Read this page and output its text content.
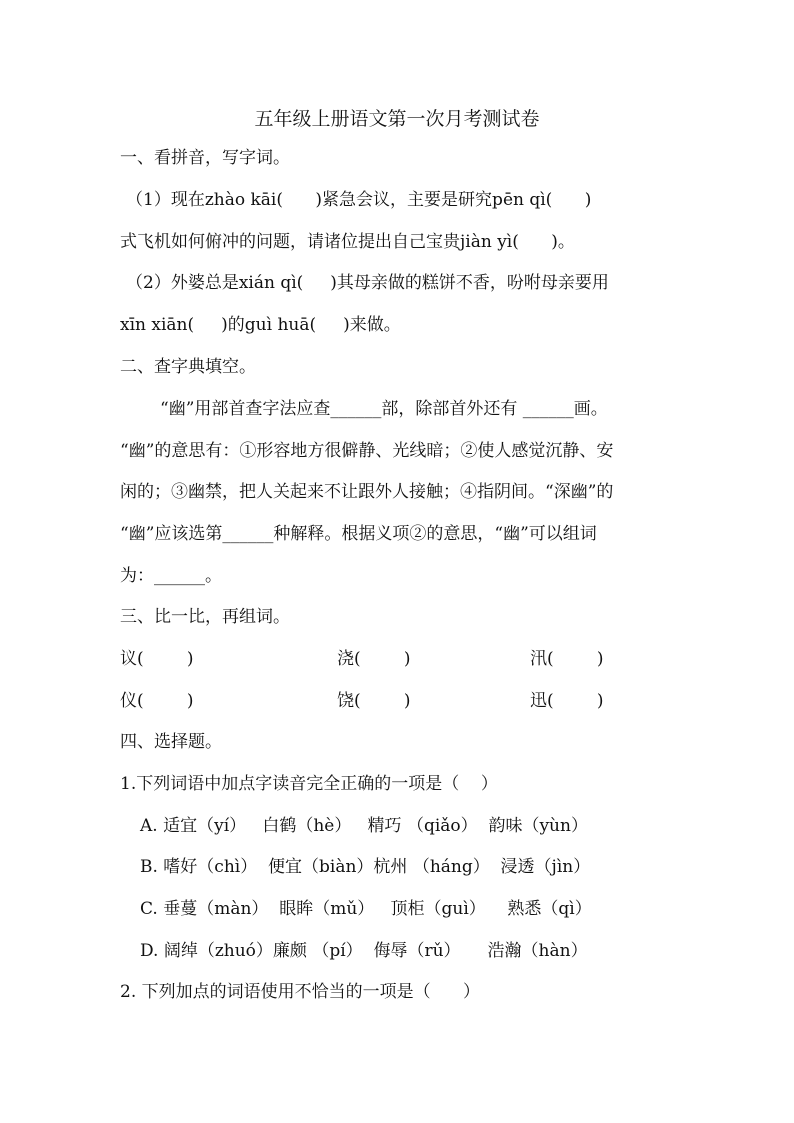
五年级上册语文第一次月考测试卷
一、看拼音，写字词。
（1）现在zhào kāi(      )紧急会议，主要是研究pēn qì(      )
式飞机如何俯冲的问题，请诸位提出自己宝贵jiàn yì(      )。
（2）外婆总是xián qì(     )其母亲做的糕饼不香，吩咐母亲要用
xīn xiān(     )的guì huā(     )来做。
二、查字典填空。
“幽”用部首查字法应查______部，除部首外还有 ______画。
“幽”的意思有：①形容地方很僻静、光线暗；②使人感觉沉静、安
闲的；③幽禁，把人关起来不让跟外人接触；④指阴间。“深幽”的
“幽”应该选第______种解释。根据义项②的意思，“幽”可以组词
为：______。
三、比一比，再组词。
议(        )	浇(        )	汛(        )
仪(        )	饶(        )	迅(        )
四、选择题。
1.下列词语中加点字读音完全正确的一项是（    ）
A. 适宜（yí）   白鹤（hè）   精巧 （qiǎo）  韵味（yùn）
B. 嗜好（chì）  便宜（biàn）杭州 （háng）  浸透（jìn）
C. 垂蔓（màn）  眼眸（mǔ）   顶柜（guì）    熟悉（qì）
D. 阔绰（zhuó）廉颇 （pí）  侮辱（rǔ）     浩瀚（hàn）
2. 下列加点的词语使用不恰当的一项是（      ）
